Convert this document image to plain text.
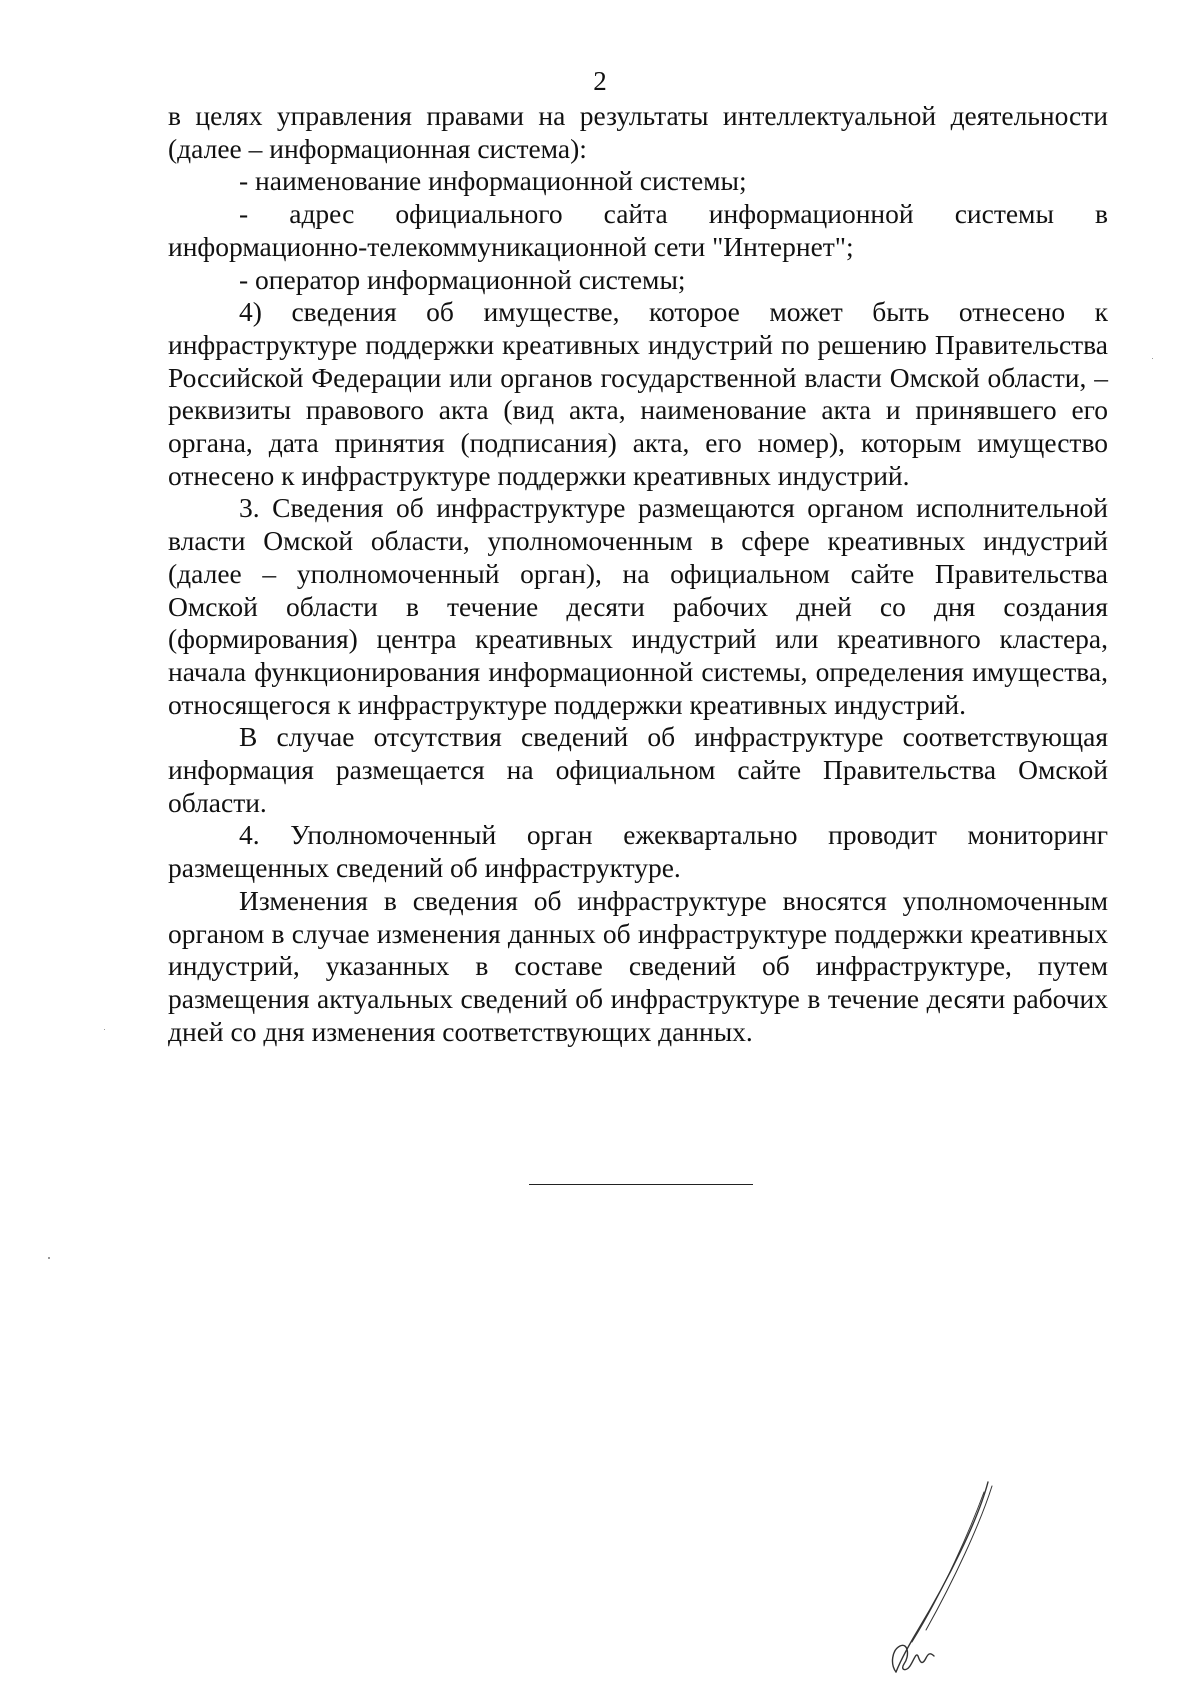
2

в целях управления правами на результаты интеллектуальной деятельности (далее – информационная система):

- наименование информационной системы;

- адрес официального сайта информационной системы в информационно-телекоммуникационной сети "Интернет";

- оператор информационной системы;

4) сведения об имуществе, которое может быть отнесено к инфраструктуре поддержки креативных индустрий по решению Правительства Российской Федерации или органов государственной власти Омской области, – реквизиты правового акта (вид акта, наименование акта и принявшего его органа, дата принятия (подписания) акта, его номер), которым имущество отнесено к инфраструктуре поддержки креативных индустрий.

3. Сведения об инфраструктуре размещаются органом исполнительной власти Омской области, уполномоченным в сфере креативных индустрий (далее – уполномоченный орган), на официальном сайте Правительства Омской области в течение десяти рабочих дней со дня создания (формирования) центра креативных индустрий или креативного кластера, начала функционирования информационной системы, определения имущества, относящегося к инфраструктуре поддержки креативных индустрий.

В случае отсутствия сведений об инфраструктуре соответствующая информация размещается на официальном сайте Правительства Омской области.

4. Уполномоченный орган ежеквартально проводит мониторинг размещенных сведений об инфраструктуре.

Изменения в сведения об инфраструктуре вносятся уполномоченным органом в случае изменения данных об инфраструктуре поддержки креативных индустрий, указанных в составе сведений об инфраструктуре, путем размещения актуальных сведений об инфраструктуре в течение десяти рабочих дней со дня изменения соответствующих данных.
